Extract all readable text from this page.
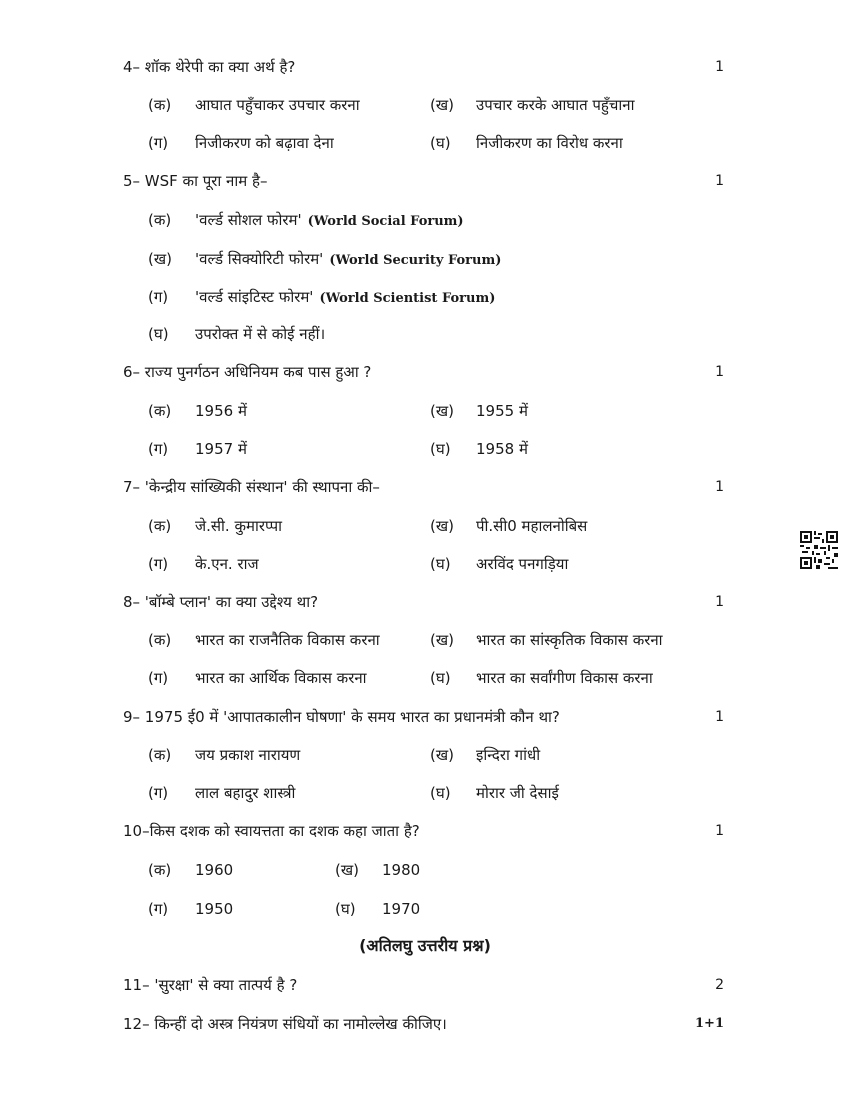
4– शॉक थेरेपी का क्या अर्थ है?	1
(क) आघात पहुँचाकर उपचार करना	(ख) उपचार करके आघात पहुँचाना
(ग) निजीकरण को बढ़ावा देना	(घ) निजीकरण का विरोध करना
5– WSF का पूरा नाम है–	1
(क) 'वर्ल्ड सोशल फोरम' (World Social Forum)
(ख) 'वर्ल्ड सिक्योरिटी फोरम' (World Security Forum)
(ग) 'वर्ल्ड सांइटिस्ट फोरम' (World Scientist Forum)
(घ) उपरोक्त में से कोई नहीं।
6– राज्य पुनर्गठन अधिनियम कब पास हुआ ?	1
(क) 1956 में	(ख) 1955 में
(ग) 1957 में	(घ) 1958 में
7– 'केन्द्रीय सांख्यिकी संस्थान' की स्थापना की–	1
(क) जे.सी. कुमारप्पा	(ख) पी.सी0 महालनोबिस
(ग) के.एन. राज	(घ) अरविंद पनगड़िया
8– 'बॉम्बे प्लान' का क्या उद्देश्य था?	1
(क) भारत का राजनैतिक विकास करना	(ख) भारत का सांस्कृतिक विकास करना
(ग) भारत का आर्थिक विकास करना	(घ) भारत का सर्वांगीण विकास करना
9– 1975 ई0 में 'आपातकालीन घोषणा' के समय भारत का प्रधानमंत्री कौन था?	1
(क) जय प्रकाश नारायण	(ख) इन्दिरा गांधी
(ग) लाल बहादुर शास्त्री	(घ) मोरार जी देसाई
10–किस दशक को स्वायत्तता का दशक कहा जाता है?	1
(क) 1960	(ख) 1980
(ग) 1950	(घ) 1970
(अतिलघु उत्तरीय प्रश्न)
11– 'सुरक्षा' से क्या तात्पर्य है ?	2
12– किन्हीं दो अस्त्र नियंत्रण संधियों का नामोल्लेख कीजिए।	1+1
